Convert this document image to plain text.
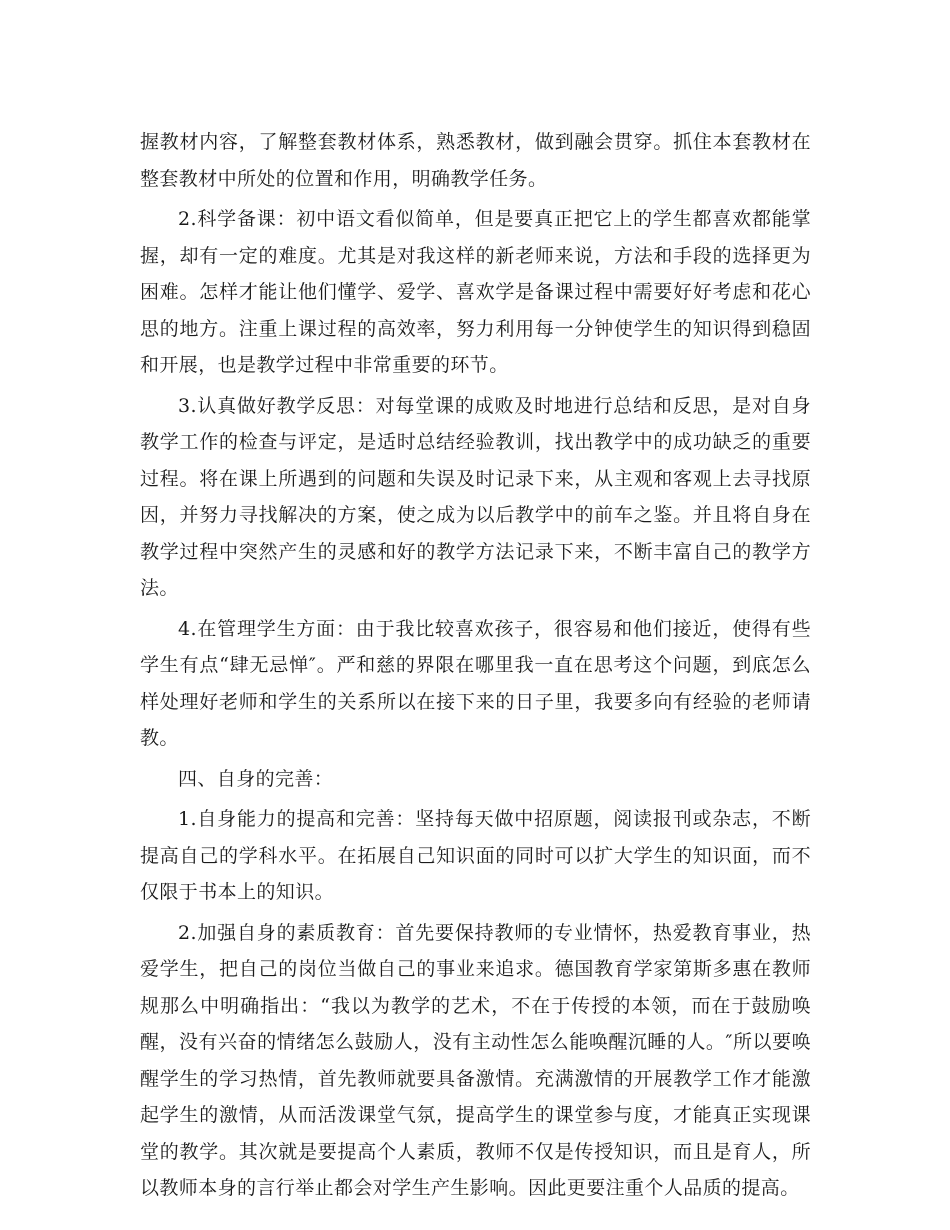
握教材内容，了解整套教材体系，熟悉教材，做到融会贯穿。抓住本套教材在整套教材中所处的位置和作用，明确教学任务。

2.科学备课：初中语文看似简单，但是要真正把它上的学生都喜欢都能掌握，却有一定的难度。尤其是对我这样的新老师来说，方法和手段的选择更为困难。怎样才能让他们懂学、爱学、喜欢学是备课过程中需要好好考虑和花心思的地方。注重上课过程的高效率，努力利用每一分钟使学生的知识得到稳固和开展，也是教学过程中非常重要的环节。

3.认真做好教学反思：对每堂课的成败及时地进行总结和反思，是对自身教学工作的检查与评定，是适时总结经验教训，找出教学中的成功缺乏的重要过程。将在课上所遇到的问题和失误及时记录下来，从主观和客观上去寻找原因，并努力寻找解决的方案，使之成为以后教学中的前车之鉴。并且将自身在教学过程中突然产生的灵感和好的教学方法记录下来，不断丰富自己的教学方法。

4.在管理学生方面：由于我比较喜欢孩子，很容易和他们接近，使得有些学生有点“肆无忌惮″。严和慈的界限在哪里我一直在思考这个问题，到底怎么样处理好老师和学生的关系所以在接下来的日子里，我要多向有经验的老师请教。

四、自身的完善：

1.自身能力的提高和完善：坚持每天做中招原题，阅读报刊或杂志，不断提高自己的学科水平。在拓展自己知识面的同时可以扩大学生的知识面，而不仅限于书本上的知识。

2.加强自身的素质教育：首先要保持教师的专业情怀，热爱教育事业，热爱学生，把自己的岗位当做自己的事业来追求。德国教育学家第斯多惠在教师规那么中明确指出：“我以为教学的艺术，不在于传授的本领，而在于鼓励唤醒，没有兴奋的情绪怎么鼓励人，没有主动性怎么能唤醒沉睡的人。″所以要唤醒学生的学习热情，首先教师就要具备激情。充满激情的开展教学工作才能激起学生的激情，从而活泼课堂气氛，提高学生的课堂参与度，才能真正实现课堂的教学。其次就是要提高个人素质，教师不仅是传授知识，而且是育人，所以教师本身的言行举止都会对学生产生影响。因此更要注重个人品质的提高。
